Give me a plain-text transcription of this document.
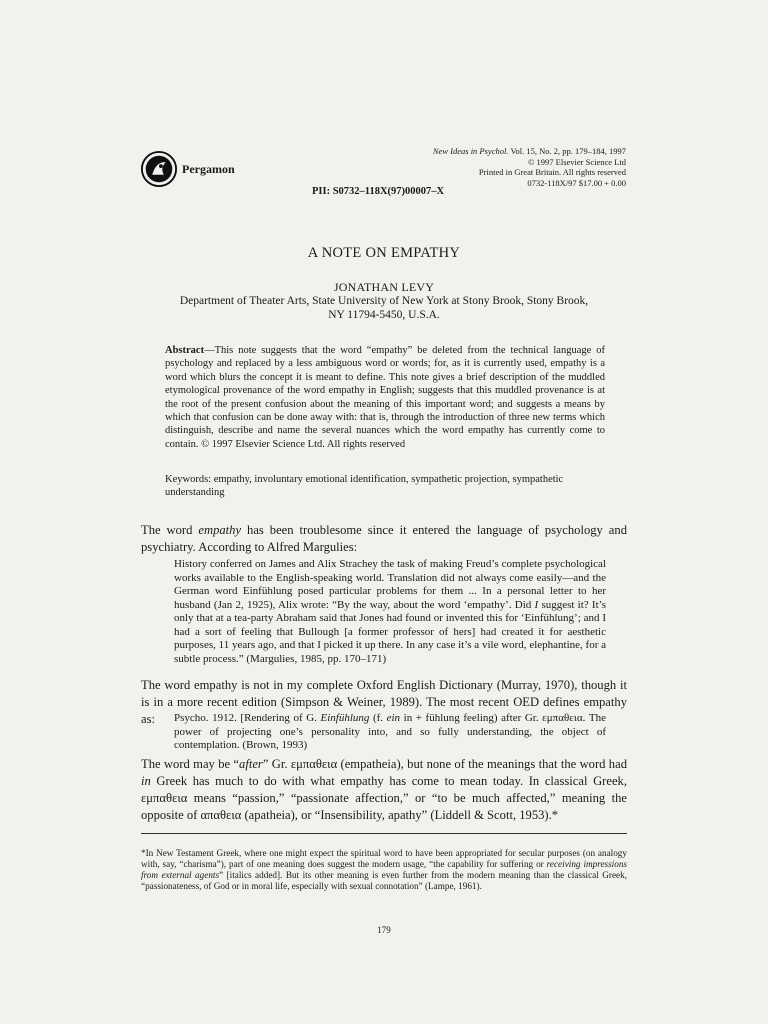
Pergamon
New Ideas in Psychol. Vol. 15, No. 2, pp. 179–184, 1997
© 1997 Elsevier Science Ltd
Printed in Great Britain. All rights reserved
0732-118X/97 $17.00 + 0.00
PII: S0732–118X(97)00007–X
A NOTE ON EMPATHY
JONATHAN LEVY
Department of Theater Arts, State University of New York at Stony Brook, Stony Brook,
NY 11794-5450, U.S.A.
Abstract—This note suggests that the word “empathy” be deleted from the technical language of psychology and replaced by a less ambiguous word or words; for, as it is currently used, empathy is a word which blurs the concept it is meant to define. This note gives a brief description of the muddled etymological provenance of the word empathy in English; suggests that this muddled provenance is at the root of the present confusion about the meaning of this important word; and suggests a means by which that confusion can be done away with: that is, through the introduction of three new terms which distinguish, describe and name the several nuances which the word empathy has currently come to contain. © 1997 Elsevier Science Ltd. All rights reserved
Keywords: empathy, involuntary emotional identification, sympathetic projection, sympathetic understanding
The word empathy has been troublesome since it entered the language of psychology and psychiatry. According to Alfred Margulies:
History conferred on James and Alix Strachey the task of making Freud’s complete psychological works available to the English-speaking world. Translation did not always come easily—and the German word Einfühlung posed particular problems for them ... In a personal letter to her husband (Jan 2, 1925), Alix wrote: “By the way, about the word ‘empathy’. Did I suggest it? It’s only that at a tea-party Abraham said that Jones had found or invented this for ‘Einfühlung’; and I had a sort of feeling that Bullough [a former professor of hers] had created it for aesthetic purposes, 11 years ago, and that I picked it up there. In any case it’s a vile word, elephantine, for a subtle process.” (Margulies, 1985, pp. 170–171)
The word empathy is not in my complete Oxford English Dictionary (Murray, 1970), though it is in a more recent edition (Simpson & Weiner, 1989). The most recent OED defines empathy as:	Psycho. 1912. [Rendering of G. Einfühlung (f. ein in + fühlung feeling) after Gr. εμπαθεια. The power of projecting one’s personality into, and so fully understanding, the object of contemplation. (Brown, 1993)
The word may be “after” Gr. εμπαθεια (empatheia), but none of the meanings that the word had in Greek has much to do with what empathy has come to mean today. In classical Greek, εμπαθεια means “passion,” “passionate affection,” or “to be much affected,” meaning the opposite of απαθεια (apatheia), or “Insensibility, apathy” (Liddell & Scott, 1953).*
*In New Testament Greek, where one might expect the spiritual word to have been appropriated for secular purposes (on analogy with, say, “charisma”), part of one meaning does suggest the modern usage, “the capability for suffering or receiving impressions from external agents” [italics added]. But its other meaning is even further from the modern meaning than the classical Greek, “passionateness, of God or in moral life, especially with sexual connotation” (Lampe, 1961).
179
